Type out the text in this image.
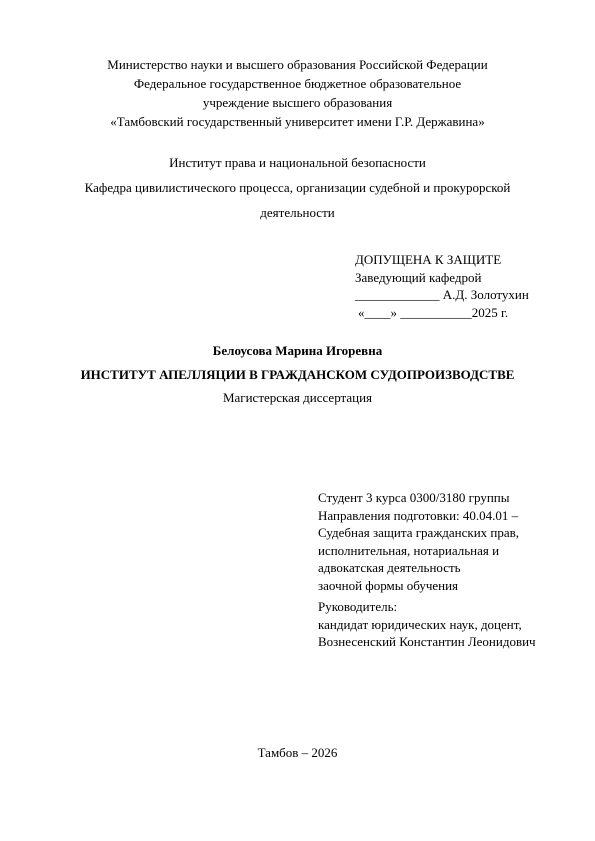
Министерство науки и высшего образования Российской Федерации
Федеральное государственное бюджетное образовательное
учреждение высшего образования
«Тамбовский государственный университет имени Г.Р. Державина»
Институт права и национальной безопасности
Кафедра цивилистического процесса, организации судебной и прокурорской
деятельности
ДОПУЩЕНА К ЗАЩИТЕ
Заведующий кафедрой
_____________ А.Д. Золотухин
«____» ___________2025 г.
Белоусова Марина Игоревна
ИНСТИТУТ АПЕЛЛЯЦИИ В ГРАЖДАНСКОМ СУДОПРОИЗВОДСТВЕ
Магистерская диссертация
Студент 3 курса 0300/3180 группы
Направления подготовки: 40.04.01 –
Судебная защита гражданских прав,
исполнительная, нотариальная и
адвокатская деятельность
заочной формы обучения
Руководитель:
кандидат юридических наук, доцент,
Вознесенский Константин Леонидович
Тамбов – 2026
